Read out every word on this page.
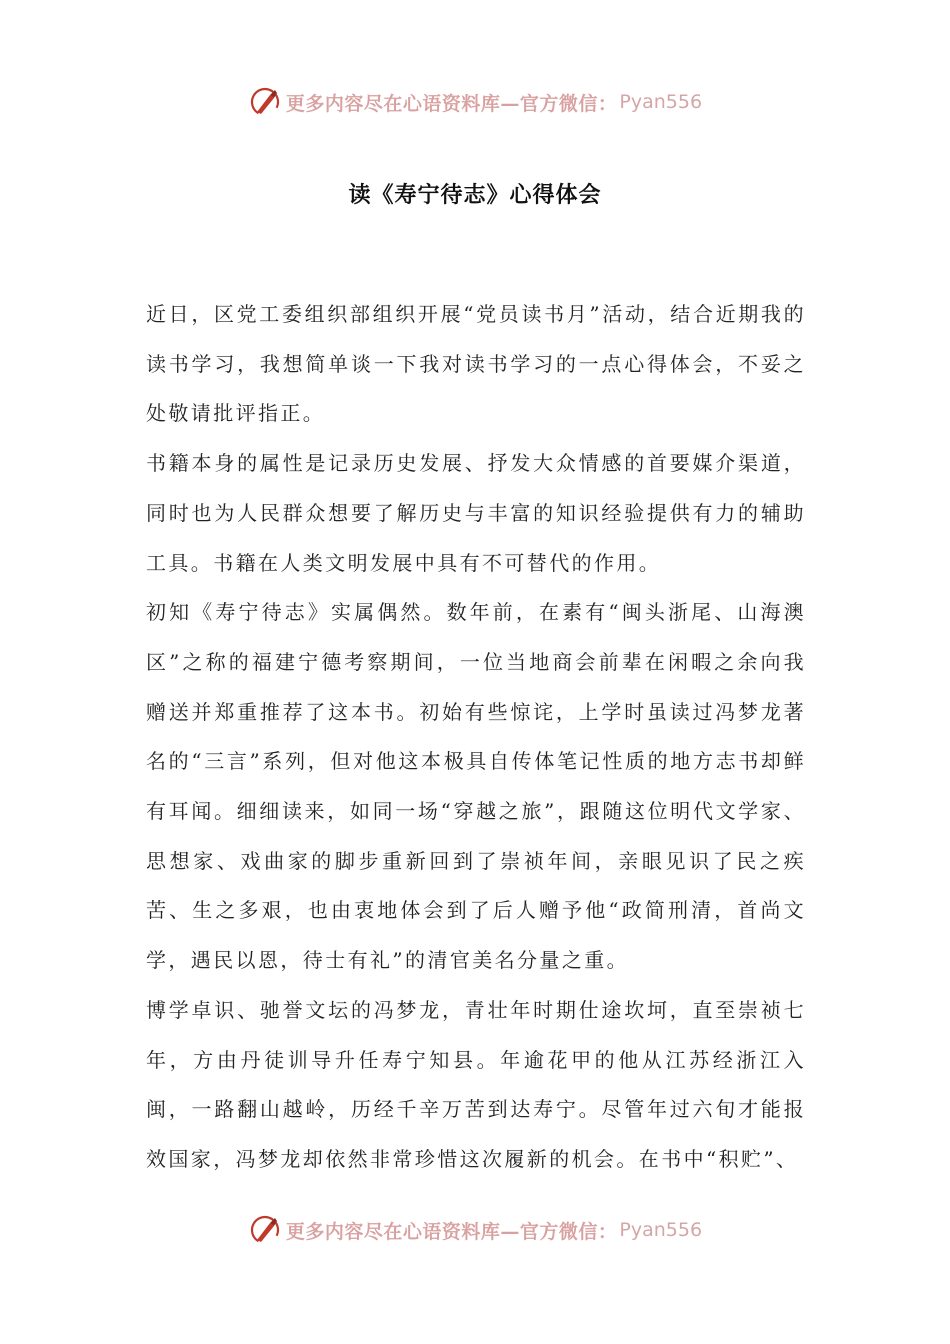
更多内容尽在心语资料库—官方微信： Pyan556
读《寿宁待志》心得体会

近日，区党工委组织部组织开展“党员读书月”活动，结合近期我的读书学习，我想简单谈一下我对读书学习的一点心得体会，不妥之处敬请批评指正。

书籍本身的属性是记录历史发展、抒发大众情感的首要媒介渠道，同时也为人民群众想要了解历史与丰富的知识经验提供有力的辅助工具。书籍在人类文明发展中具有不可替代的作用。

初知《寿宁待志》实属偶然。数年前，在素有“闽头浙尾、山海澳区”之称的福建宁德考察期间，一位当地商会前辈在闲暇之余向我赠送并郑重推荐了这本书。初始有些惊诧，上学时虽读过冯梦龙著名的“三言”系列，但对他这本极具自传体笔记性质的地方志书却鲜有耳闻。细细读来，如同一场“穿越之旅”，跟随这位明代文学家、思想家、戏曲家的脚步重新回到了崇祯年间，亲眼见识了民之疾苦、生之多艰，也由衷地体会到了后人赠予他“政简刑清，首尚文学，遇民以恩，待士有礼”的清官美名分量之重。

博学卓识、驰誉文坛的冯梦龙，青壮年时期仕途坎坷，直至崇祯七年，方由丹徒训导升任寿宁知县。年逾花甲的他从江苏经浙江入闽，一路翻山越岭，历经千辛万苦到达寿宁。尽管年过六旬才能报效国家，冯梦龙却依然非常珍惜这次履新的机会。在书中“积贮”、

更多内容尽在心语资料库—官方微信： Pyan556
